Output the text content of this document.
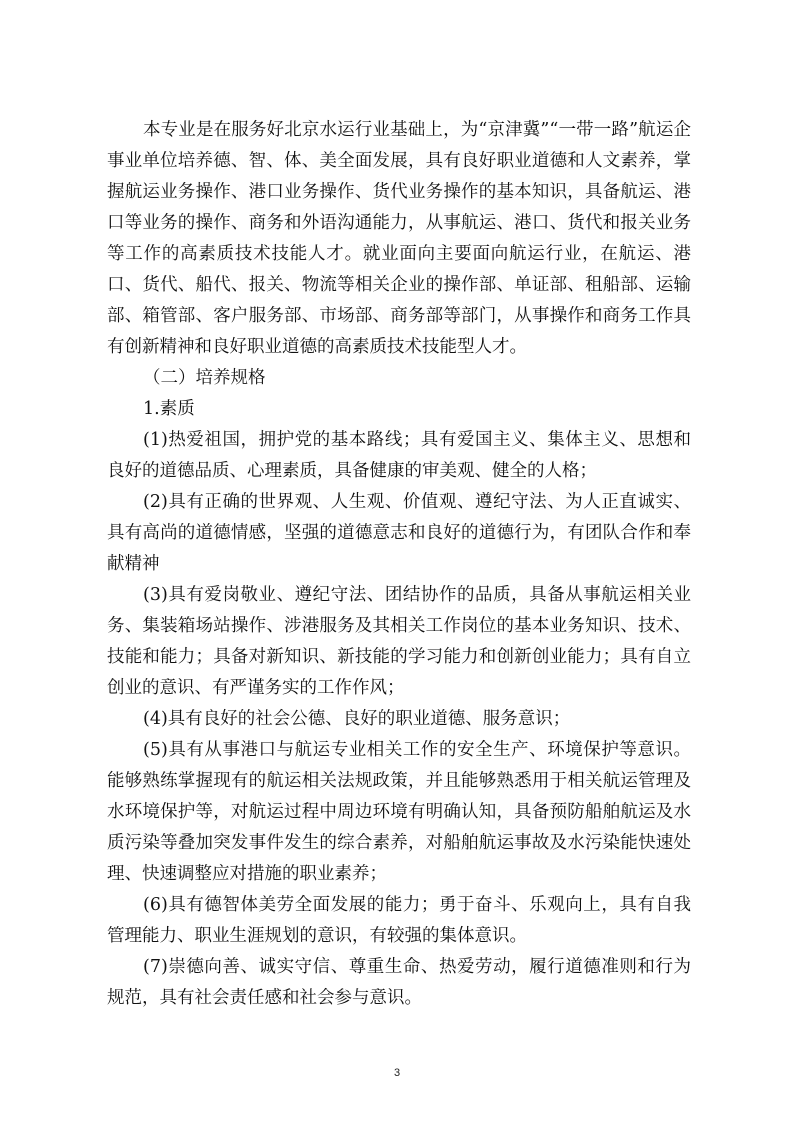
本专业是在服务好北京水运行业基础上，为“京津冀”“一带一路”航运企事业单位培养德、智、体、美全面发展，具有良好职业道德和人文素养，掌握航运业务操作、港口业务操作、货代业务操作的基本知识，具备航运、港口等业务的操作、商务和外语沟通能力，从事航运、港口、货代和报关业务等工作的高素质技术技能人才。就业面向主要面向航运行业，在航运、港口、货代、船代、报关、物流等相关企业的操作部、单证部、租船部、运输部、箱管部、客户服务部、市场部、商务部等部门，从事操作和商务工作具有创新精神和良好职业道德的高素质技术技能型人才。

（二）培养规格

1.素质

(1)热爱祖国，拥护党的基本路线；具有爱国主义、集体主义、思想和良好的道德品质、心理素质，具备健康的审美观、健全的人格；

(2)具有正确的世界观、人生观、价值观、遵纪守法、为人正直诚实、具有高尚的道德情感，坚强的道德意志和良好的道德行为，有团队合作和奉献精神

(3)具有爱岗敬业、遵纪守法、团结协作的品质，具备从事航运相关业务、集装箱场站操作、涉港服务及其相关工作岗位的基本业务知识、技术、技能和能力；具备对新知识、新技能的学习能力和创新创业能力；具有自立创业的意识、有严谨务实的工作作风；

(4)具有良好的社会公德、良好的职业道德、服务意识；

(5)具有从事港口与航运专业相关工作的安全生产、环境保护等意识。能够熟练掌握现有的航运相关法规政策，并且能够熟悉用于相关航运管理及水环境保护等，对航运过程中周边环境有明确认知，具备预防船舶航运及水质污染等叠加突发事件发生的综合素养，对船舶航运事故及水污染能快速处理、快速调整应对措施的职业素养；

(6)具有德智体美劳全面发展的能力；勇于奋斗、乐观向上，具有自我管理能力、职业生涯规划的意识，有较强的集体意识。

(7)崇德向善、诚实守信、尊重生命、热爱劳动，履行道德准则和行为规范，具有社会责任感和社会参与意识。

3
